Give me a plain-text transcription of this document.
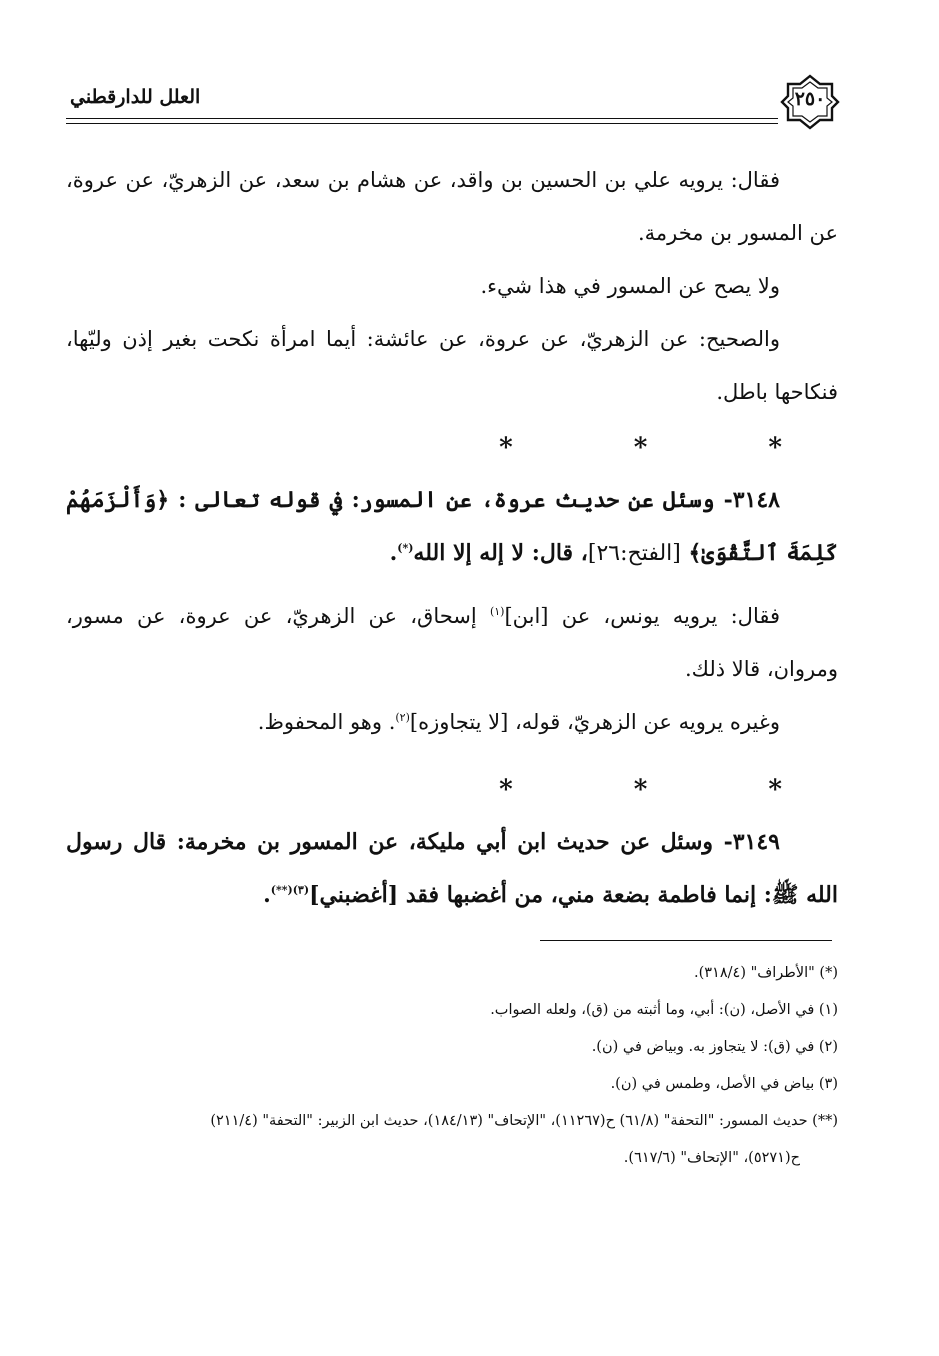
العلل للدارقطني	٢٥٠

فقال: يرويه علي بن الحسين بن واقد، عن هشام بن سعد، عن الزهريّ، عن عروة، عن المسور بن مخرمة.

ولا يصح عن المسور في هذا شيء.

والصحيح: عن الزهريّ، عن عروة، عن عائشة: أيما امرأة نكحت بغير إذن وليّها، فنكاحها باطل.

* * *

٣١٤٨- وسئل عن حديث عروة، عن المسور: في قوله تعالى : ﴿وَأَلْزَمَهُمْ كَلِمَةَ ٱلتَّقْوَىٰ﴾ [الفتح:٢٦]، قال: لا إله إلا الله(*).

فقال: يرويه يونس، عن [ابن]$^{(١)}$ إسحاق، عن الزهريّ، عن عروة، عن مسور، ومروان، قالا ذلك.

وغيره يرويه عن الزهريّ، قوله، [لا يتجاوزه]$^{(٢)}$. وهو المحفوظ.

* * *

٣١٤٩- وسئل عن حديث ابن أبي مليكة، عن المسور بن مخرمة: قال رسول الله ﷺ: إنما فاطمة بضعة مني، من أغضبها فقد [أغضبني]$^{(٣)(**)}$.

(*) "الأطراف" (٣١٨/٤).

(١) في الأصل، (ن): أبي، وما أثبته من (ق)، ولعله الصواب.

(٢) في (ق): لا يتجاوز به. وبياض في (ن).

(٣) بياض في الأصل، وطمس في (ن).

(**) حديث المسور: "التحفة" (٦١/٨) ح(١١٢٦٧)، "الإتحاف" (١٨٤/١٣)، حديث ابن الزبير: "التحفة" (٢١١/٤)

ح(٥٢٧١)، "الإتحاف" (٦١٧/٦).
